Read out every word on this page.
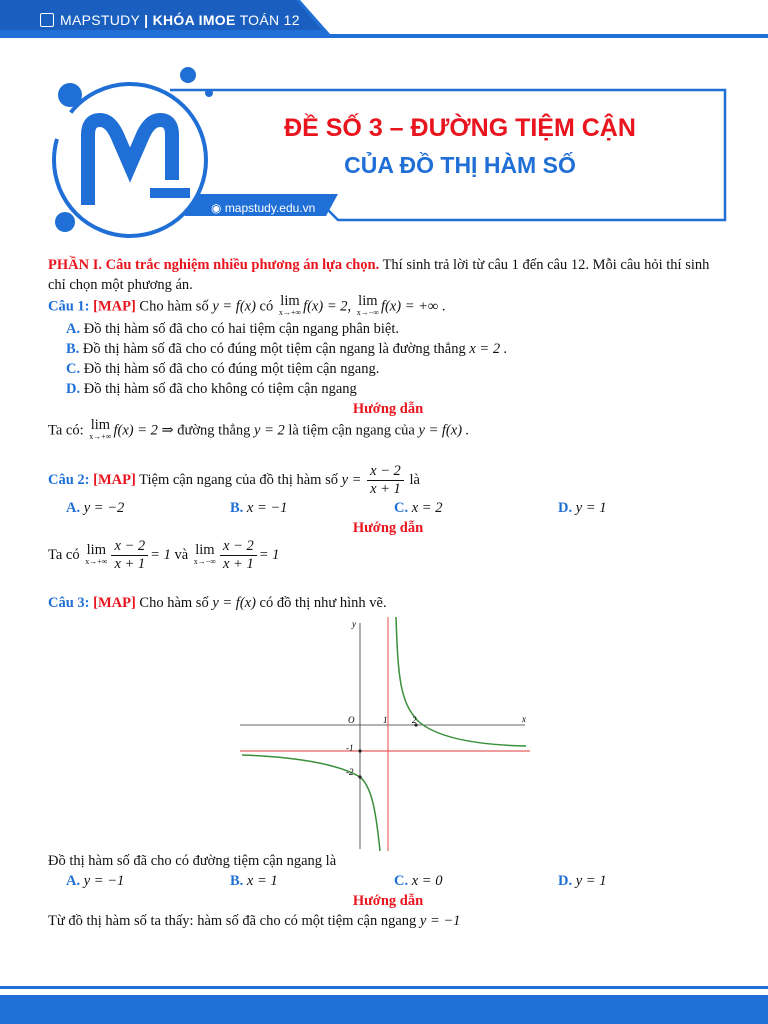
MAPSTUDY | KHÓA IMOE TOÁN 12
ĐỀ SỐ 3 – ĐƯỜNG TIỆM CẬN
CỦA ĐỒ THỊ HÀM SỐ
◉ mapstudy.edu.vn
PHẦN I. Câu trắc nghiệm nhiều phương án lựa chọn. Thí sinh trả lời từ câu 1 đến câu 12. Mỗi câu hỏi thí sinh chỉ chọn một phương án.
Câu 1: [MAP] Cho hàm số y = f(x) có lim
x→+∞ f(x) = 2, lim
x→−∞ f(x) = +∞ .
A. Đồ thị hàm số đã cho có hai tiệm cận ngang phân biệt.
B. Đồ thị hàm số đã cho có đúng một tiệm cận ngang là đường thẳng x = 2 .
C. Đồ thị hàm số đã cho có đúng một tiệm cận ngang.
D. Đồ thị hàm số đã cho không có tiệm cận ngang
Hướng dẫn
Ta có: lim
x→+∞ f(x) = 2 ⇒ đường thẳng y = 2 là tiệm cận ngang của y = f(x) .
Câu 2: [MAP] Tiệm cận ngang của đồ thị hàm số $y = \frac{x - 2}{x + 1}$ là
A. y = −2	B. x = −1	C. x = 2	D. y = 1
Hướng dẫn
Ta có lim
$x\to+\infty \frac{x - 2}{x + 1} = 1$ và lim
$x\to-\infty \frac{x - 2}{x + 1} = 1$
Câu 3: [MAP] Cho hàm số y = f(x) có đồ thị như hình vẽ.
x
y
O	1	2
-1
-2
Đồ thị hàm số đã cho có đường tiệm cận ngang là
A. y = −1	B. x = 1	C. x = 0	D. y = 1
Hướng dẫn
Từ đồ thị hàm số ta thấy: hàm số đã cho có một tiệm cận ngang y = −1
